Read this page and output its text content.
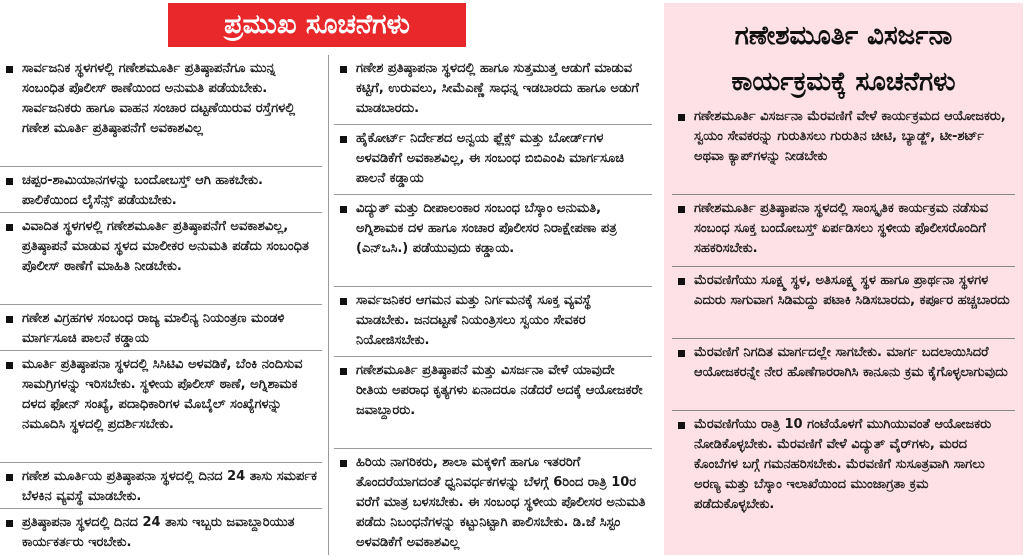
ಪ್ರಮುಖ ಸೂಚನೆಗಳು
ಸಾರ್ವಜನಿಕ ಸ್ಥಳಗಳಲ್ಲಿ ಗಣೇಶಮೂರ್ತಿ ಪ್ರತಿಷ್ಠಾಪನೆಗೂ ಮುನ್ನ ಸಂಬಂಧಿತ ಪೊಲೀಸ್ ಠಾಣೆಯಿಂದ ಅನುಮತಿ ಪಡೆಯಬೇಕು. ಸಾರ್ವಜನಿಕರು ಹಾಗೂ ವಾಹನ ಸಂಚಾರ ದಟ್ಟಣೆಯಿರುವ ರಸ್ತೆಗಳಲ್ಲಿ ಗಣೇಶ ಮೂರ್ತಿ ಪ್ರತಿಷ್ಠಾಪನೆಗೆ ಅವಕಾಶವಿಲ್ಲ
ಚಪ್ಪರ-ಶಾಮಿಯಾನಗಳನ್ನು ಬಂದೋಬಸ್ತ್ ಆಗಿ ಹಾಕಬೇಕು. ಪಾಲಿಕೆಯಿಂದ ಲೈಸೆನ್ಸ್ ಪಡೆಯಬೇಕು.
ವಿವಾದಿತ ಸ್ಥಳಗಳಲ್ಲಿ ಗಣೇಶಮೂರ್ತಿ ಪ್ರತಿಷ್ಠಾಪನೆಗೆ ಅವಕಾಶವಿಲ್ಲ, ಪ್ರತಿಷ್ಠಾಪನೆ ಮಾಡುವ ಸ್ಥಳದ ಮಾಲೀಕರ ಅನುಮತಿ ಪಡೆದು ಸಂಬಂಧಿತ ಪೊಲೀಸ್ ಠಾಣೆಗೆ ಮಾಹಿತಿ ನೀಡಬೇಕು.
ಗಣೇಶ ವಿಗ್ರಹಗಳ ಸಂಬಂಧ ರಾಜ್ಯ ಮಾಲಿನ್ಯ ನಿಯಂತ್ರಣ ಮಂಡಳಿ ಮಾರ್ಗಸೂಚಿ ಪಾಲನೆ ಕಡ್ಡಾಯ
ಮೂರ್ತಿ ಪ್ರತಿಷ್ಠಾಪನಾ ಸ್ಥಳದಲ್ಲಿ ಸಿಸಿಟಿವಿ ಅಳವಡಿಕೆ, ಬೆಂಕಿ ನಂದಿಸುವ ಸಾಮಗ್ರಿಗಳನ್ನು ಇರಿಸಬೇಕು. ಸ್ಥಳೀಯ ಪೊಲೀಸ್ ಠಾಣೆ, ಅಗ್ನಿಶಾಮಕ ದಳದ ಫೋನ್ ಸಂಖ್ಯೆ, ಪದಾಧಿಕಾರಿಗಳ ಮೊಬೈಲ್ ಸಂಖ್ಯೆಗಳನ್ನು ನಮೂದಿಸಿ ಸ್ಥಳದಲ್ಲಿ ಪ್ರದರ್ಶಿಸಬೇಕು.
ಗಣೇಶ ಮೂರ್ತಿಯ ಪ್ರತಿಷ್ಠಾಪನಾ ಸ್ಥಳದಲ್ಲಿ ದಿನದ 24 ತಾಸು ಸಮರ್ಪಕ ಬೆಳಕಿನ ವ್ಯವಸ್ಥೆ ಮಾಡಬೇಕು.
ಪ್ರತಿಷ್ಠಾಪನಾ ಸ್ಥಳದಲ್ಲಿ ದಿನದ 24 ತಾಸು ಇಬ್ಬರು ಜವಾಬ್ದಾರಿಯುತ ಕಾರ್ಯಕರ್ತರು ಇರಬೇಕು.
ಗಣೇಶ ಪ್ರತಿಷ್ಠಾಪನಾ ಸ್ಥಳದಲ್ಲಿ ಹಾಗೂ ಸುತ್ತಮುತ್ತ ಆಡುಗೆ ಮಾಡುವ ಕಟ್ಟಿಗೆ, ಉರುವಲು, ಸೀಮೆಎಣ್ಣೆ ಸಾಧನ್ನ ಇಡಬಾರದು ಹಾಗೂ ಅಡುಗೆ ಮಾಡಬಾರದು.
ಹೈಕೋರ್ಟ್ ನಿರ್ದೇಶದ ಅನ್ವಯ ಫ್ಲೆಕ್ಸ್ ಮತ್ತು ಬೋರ್ಡ್‌ಗಳ ಅಳವಡಿಕೆಗೆ ಅವಕಾಶವಿಲ್ಲ, ಈ ಸಂಬಂಧ ಬಿಬಿಎಂಪಿ ಮಾರ್ಗಸೂಚಿ ಪಾಲನೆ ಕಡ್ಡಾಯ
ವಿದ್ಯುತ್ ಮತ್ತು ದೀಪಾಲಂಕಾರ ಸಂಬಂಧ ಬೆಸ್ಕಾಂ ಅನುಮತಿ, ಅಗ್ನಿಶಾಮಕ ದಳ ಹಾಗೂ ಸಂಚಾರ ಪೊಲೀಸರ ನಿರಾಕ್ಷೇಪಣಾ ಪತ್ರ (ಎನ್‌ಒಸಿ.) ಪಡೆಯುವುದು ಕಡ್ಡಾಯ.
ಸಾರ್ವಜನಿಕರ ಆಗಮನ ಮತ್ತು ನಿರ್ಗಮನಕ್ಕೆ ಸೂಕ್ತ ವ್ಯವಸ್ಥೆ ಮಾಡಬೇಕು. ಜನದಟ್ಟಣೆ ನಿಯಂತ್ರಿಸಲು ಸ್ವಯಂ ಸೇವಕರ ನಿಯೋಜಿಸಬೇಕು.
ಗಣೇಶಮೂರ್ತಿ ಪ್ರತಿಷ್ಠಾಪನೆ ಮತ್ತು ವಿಸರ್ಜನಾ ವೇಳೆ ಯಾವುದೇ ರೀತಿಯ ಅಪರಾಧ ಕೃತ್ಯಗಳು ಏನಾದರೂ ನಡೆದರೆ ಅದಕ್ಕೆ ಆಯೋಜಕರೇ ಜವಾಬ್ದಾರರು.
ಹಿರಿಯ ನಾಗರಿಕರು, ಶಾಲಾ ಮಕ್ಕಳಿಗೆ ಹಾಗೂ ಇತರರಿಗೆ ತೊಂದರೆಯಾಗದಂತೆ ಧ್ವನಿವರ್ಧಕಗಳನ್ನು ಬೆಳಗ್ಗೆ 6ರಿಂದ ರಾತ್ರಿ 10ರ ವರೆಗೆ ಮಾತ್ರ ಬಳಸಬೇಕು. ಈ ಸಂಬಂಧ ಸ್ಥಳೀಯ ಪೊಲೀಸರ ಅನುಮತಿ ಪಡೆದು ನಿಬಂಧನೆಗಳನ್ನು ಕಟ್ಟುನಿಟ್ಟಾಗಿ ಪಾಲಿಸಬೇಕು. ಡಿ.ಜೆ ಸಿಸ್ಟಂ ಅಳವಡಿಕೆಗೆ ಅವಕಾಶವಿಲ್ಲ
ಗಣೇಶಮೂರ್ತಿ ವಿಸರ್ಜನಾ
ಕಾರ್ಯಕ್ರಮಕ್ಕೆ ಸೂಚನೆಗಳು
ಗಣೇಶಮೂರ್ತಿ ವಿಸರ್ಜನಾ ಮೆರವಣಿಗೆ ವೇಳೆ ಕಾರ್ಯಕ್ರಮದ ಆಯೋಜಕರು, ಸ್ವಯಂ ಸೇವಕರನ್ನು ಗುರುತಿಸಲು ಗುರುತಿನ ಚೀಟಿ, ಬ್ಯಾಡ್ಜ್, ಟೀ-ಶರ್ಟ್ ಅಥವಾ ಕ್ಯಾಪ್‌ಗಳನ್ನು ನೀಡಬೇಕು
ಗಣೇಶಮೂರ್ತಿ ಪ್ರತಿಷ್ಠಾಪನಾ ಸ್ಥಳದಲ್ಲಿ ಸಾಂಸ್ಕೃತಿಕ ಕಾರ್ಯಕ್ರಮ ನಡೆಸುವ ಸಂಬಂಧ ಸೂಕ್ತ ಬಂದೋಬಸ್ತ್ ಏರ್ಪಡಿಸಲು ಸ್ಥಳೀಯ ಪೊಲೀಸರೊಂದಿಗೆ ಸಹಕರಿಸಬೇಕು.
ಮೆರವಣಿಗೆಯು ಸೂಕ್ಷ್ಮ ಸ್ಥಳ, ಅತಿಸೂಕ್ಷ್ಮ ಸ್ಥಳ ಹಾಗೂ ಪ್ರಾರ್ಥನಾ ಸ್ಥಳಗಳ ಎದುರು ಸಾಗುವಾಗ ಸಿಡಿಮದ್ದು ಪಟಾಕಿ ಸಿಡಿಸಬಾರದು, ಕರ್ಪೂರ ಹಚ್ಚಬಾರದು
ಮೆರವಣಿಗೆ ನಿಗದಿತ ಮಾರ್ಗದಲ್ಲೇ ಸಾಗಬೇಕು. ಮಾರ್ಗ ಬದಲಾಯಿಸಿದರೆ ಆಯೋಜಕರನ್ನೇ ನೇರ ಹೊಣೆಗಾರರಾಗಿಸಿ ಕಾನೂನು ಕ್ರಮ ಕೈಗೊಳ್ಳಲಾಗುವುದು
ಮೆರವಣಿಗೆಯು ರಾತ್ರಿ 10 ಗಂಟೆಯೊಳಗೆ ಮುಗಿಯುವಂತೆ ಆಯೋಜಕರು ನೋಡಿಕೊಳ್ಳಬೇಕು. ಮೆರವಣಿಗೆ ವೇಳೆ ವಿದ್ಯುತ್ ವೈರ್‌ಗಳು, ಮರದ ಕೊಂಬೆಗಳ ಬಗ್ಗೆ ಗಮನಹರಿಸಬೇಕು. ಮೆರವಣಿಗೆ ಸುಸೂತ್ರವಾಗಿ ಸಾಗಲು ಅರಣ್ಯ ಮತ್ತು ಬೆಸ್ಕಾಂ ಇಲಾಖೆಯಿಂದ ಮುಂಜಾಗ್ರತಾ ಕ್ರಮ ಪಡೆದುಕೊಳ್ಳಬೇಕು.
